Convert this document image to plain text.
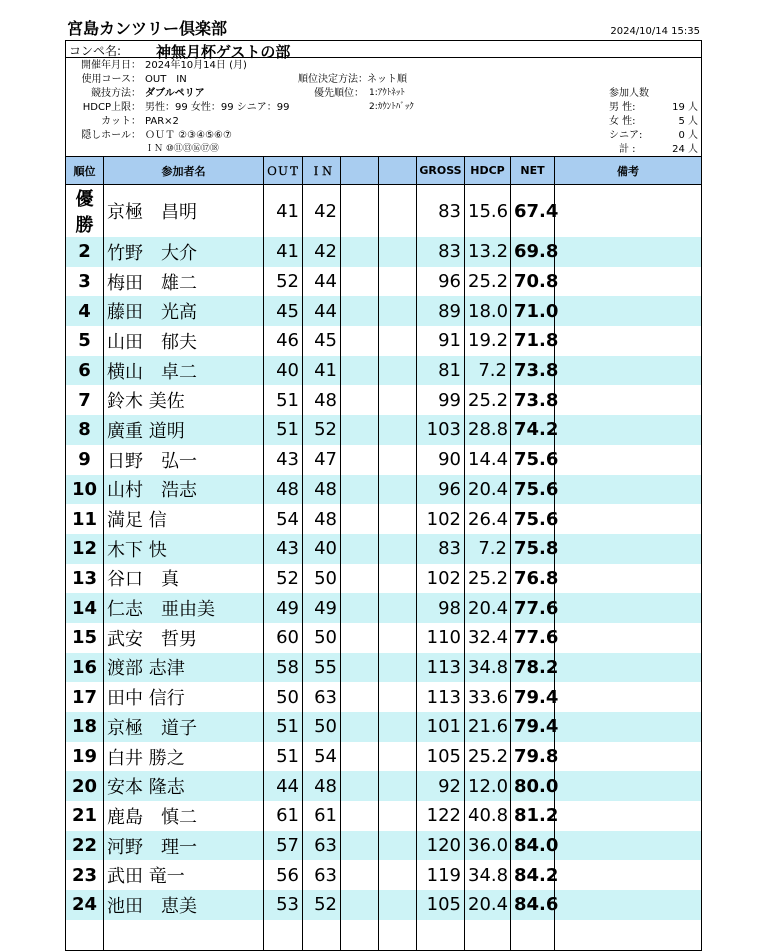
宮島カンツリー倶楽部	2024/10/14 15:35
コンペ名: 神無月杯ゲストの部
開催年月日： 2024年10月14日 (月)
使用コース： OUT　IN
競技方法： ダブルペリア
HDCP上限： 男性：99 女性：99 シニア：99
カット： PAR×2
隠しホール： ＯＵＴ ②③④⑤⑥⑦
ＩＮ ⑩⑪⑬⑯⑰⑱
順位決定方法： ネット順
優先順位： 1:ｱｳﾄﾈｯﾄ
2:ｶｳﾝﾄﾊﾞｯｸ
参加人数
男 性:	19 人
女 性:	5 人
シニア:	0 人
計 :	24 人
順位	参加者名	ＯＵＴ	ＩＮ			GROSS	HDCP	NET	備考
優勝	京極　昌明	41	42			83	15.6	67.4	
2	竹野　大介	41	42			83	13.2	69.8	
3	梅田　雄二	52	44			96	25.2	70.8	
4	藤田　光高	45	44			89	18.0	71.0	
5	山田　郁夫	46	45			91	19.2	71.8	
6	横山　卓二	40	41			81	7.2	73.8	
7	鈴木 美佐	51	48			99	25.2	73.8	
8	廣重 道明	51	52			103	28.8	74.2	
9	日野　弘一	43	47			90	14.4	75.6	
10	山村　浩志	48	48			96	20.4	75.6	
11	満足 信	54	48			102	26.4	75.6	
12	木下 快	43	40			83	7.2	75.8	
13	谷口　真	52	50			102	25.2	76.8	
14	仁志　亜由美	49	49			98	20.4	77.6	
15	武安　哲男	60	50			110	32.4	77.6	
16	渡部 志津	58	55			113	34.8	78.2	
17	田中 信行	50	63			113	33.6	79.4	
18	京極　道子	51	50			101	21.6	79.4	
19	白井 勝之	51	54			105	25.2	79.8	
20	安本 隆志	44	48			92	12.0	80.0	
21	鹿島　慎二	61	61			122	40.8	81.2	
22	河野　理一	57	63			120	36.0	84.0	
23	武田 竜一	56	63			119	34.8	84.2	
24	池田　恵美	53	52			105	20.4	84.6	
